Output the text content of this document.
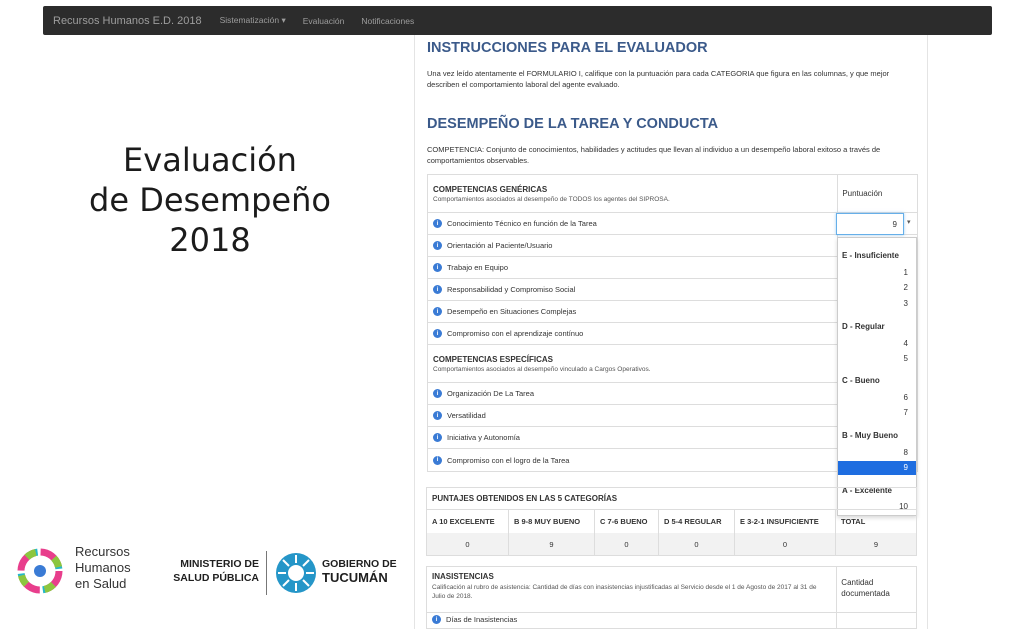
Recursos Humanos E.D. 2018 Sistematización ▾ Evaluación Notificaciones
Evaluación
de Desempeño
2018
Recursos
Humanos
en Salud
MINISTERIO DE
SALUD PÚBLICA
GOBIERNO DE
TUCUMÁN
INSTRUCCIONES PARA EL EVALUADOR
Una vez leído atentamente el FORMULARIO I, califique con la puntuación para cada CATEGORIA que figura en las columnas, y que mejor describen el comportamiento laboral del agente evaluado.
DESEMPEÑO DE LA TAREA Y CONDUCTA
COMPETENCIA: Conjunto de conocimientos, habilidades y actitudes que llevan al individuo a un desempeño laboral exitoso a través de comportamientos observables.
COMPETENCIAS GENÉRICAS
Comportamientos asociados al desempeño de TODOS los agentes del SIPROSA.
Puntuación
i	Conocimiento Técnico en función de la Tarea
i	Orientación al Paciente/Usuario
i	Trabajo en Equipo
i	Responsabilidad y Compromiso Social
i	Desempeño en Situaciones Complejas
i	Compromiso con el aprendizaje contínuo
COMPETENCIAS ESPECÍFICAS
Comportamientos asociados al desempeño vinculado a Cargos Operativos.
i	Organización De La Tarea
i	Versatilidad
i	Iniciativa y Autonomía
i	Compromiso con el logro de la Tarea
9	▾
E - Insuficiente
1
2
3
D - Regular
4
5
C - Bueno
6
7
B - Muy Bueno
8
9
A - Excelente
10
PUNTAJES OBTENIDOS EN LAS 5 CATEGORÍAS
A 10 EXCELENTE	B 9-8 MUY BUENO	C 7-6 BUENO	D 5-4 REGULAR	E 3-2-1 INSUFICIENTE	TOTAL
0	9	0	0	0	9
INASISTENCIAS
Calificación al rubro de asistencia: Cantidad de días con inasistencias injustificadas al Servicio desde el 1 de Agosto de 2017 al 31 de Julio de 2018.
Cantidad documentada
i	Días de Inasistencias
